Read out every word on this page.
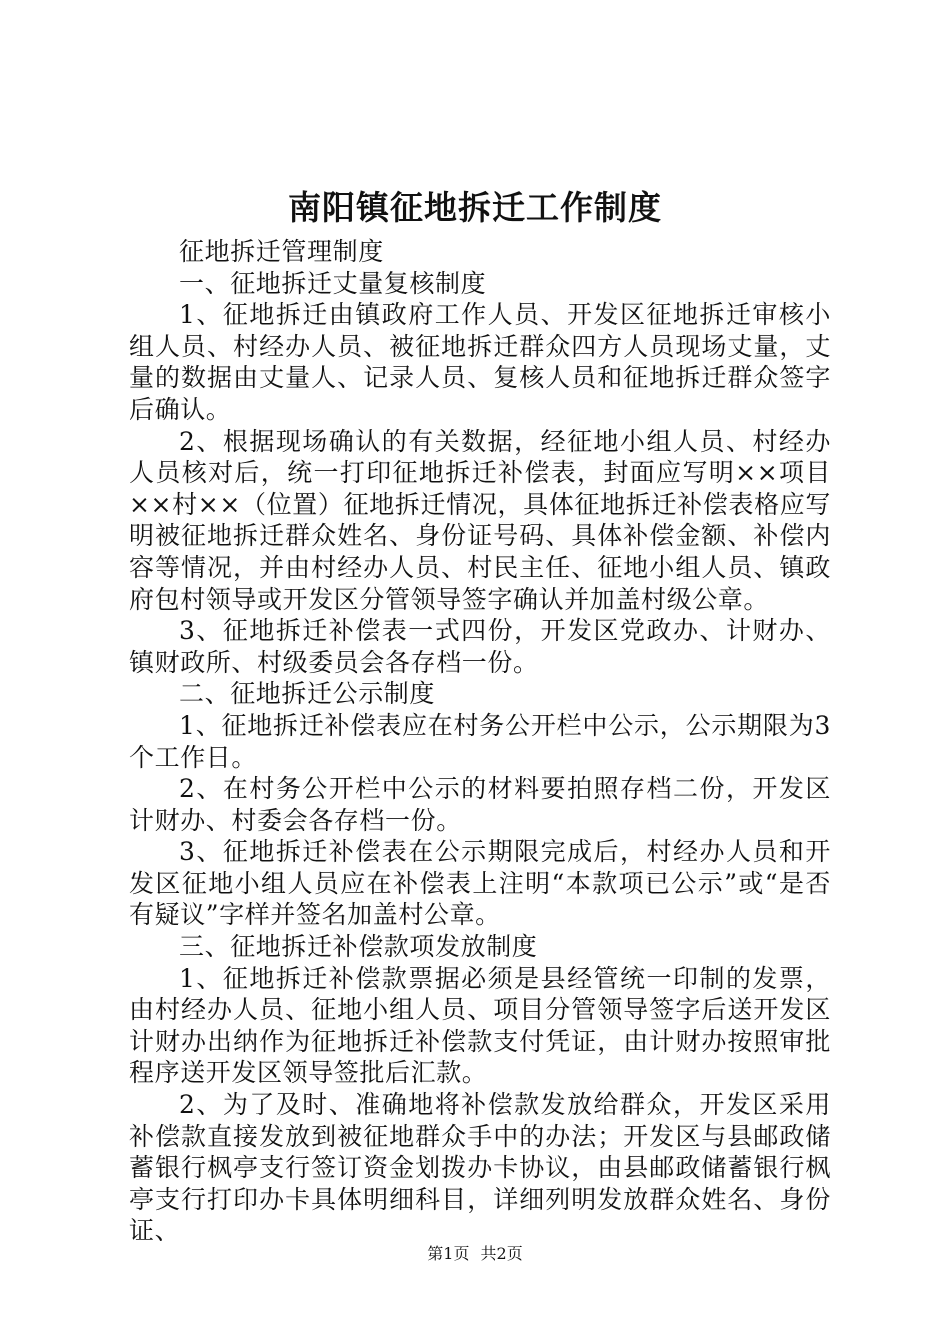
南阳镇征地拆迁工作制度

征地拆迁管理制度

一、征地拆迁丈量复核制度

1、征地拆迁由镇政府工作人员、开发区征地拆迁审核小组人员、村经办人员、被征地拆迁群众四方人员现场丈量，丈量的数据由丈量人、记录人员、复核人员和征地拆迁群众签字后确认。

2、根据现场确认的有关数据，经征地小组人员、村经办人员核对后，统一打印征地拆迁补偿表，封面应写明××项目××村××（位置）征地拆迁情况，具体征地拆迁补偿表格应写明被征地拆迁群众姓名、身份证号码、具体补偿金额、补偿内容等情况，并由村经办人员、村民主任、征地小组人员、镇政府包村领导或开发区分管领导签字确认并加盖村级公章。

3、征地拆迁补偿表一式四份，开发区党政办、计财办、镇财政所、村级委员会各存档一份。

二、征地拆迁公示制度

1、征地拆迁补偿表应在村务公开栏中公示，公示期限为3个工作日。

2、在村务公开栏中公示的材料要拍照存档二份，开发区计财办、村委会各存档一份。

3、征地拆迁补偿表在公示期限完成后，村经办人员和开发区征地小组人员应在补偿表上注明“本款项已公示”或“是否有疑议”字样并签名加盖村公章。

三、征地拆迁补偿款项发放制度

1、征地拆迁补偿款票据必须是县经管统一印制的发票，由村经办人员、征地小组人员、项目分管领导签字后送开发区计财办出纳作为征地拆迁补偿款支付凭证，由计财办按照审批程序送开发区领导签批后汇款。

2、为了及时、准确地将补偿款发放给群众，开发区采用补偿款直接发放到被征地群众手中的办法；开发区与县邮政储蓄银行枫亭支行签订资金划拨办卡协议，由县邮政储蓄银行枫亭支行打印办卡具体明细科目，详细列明发放群众姓名、身份证、

第1页 共2页
